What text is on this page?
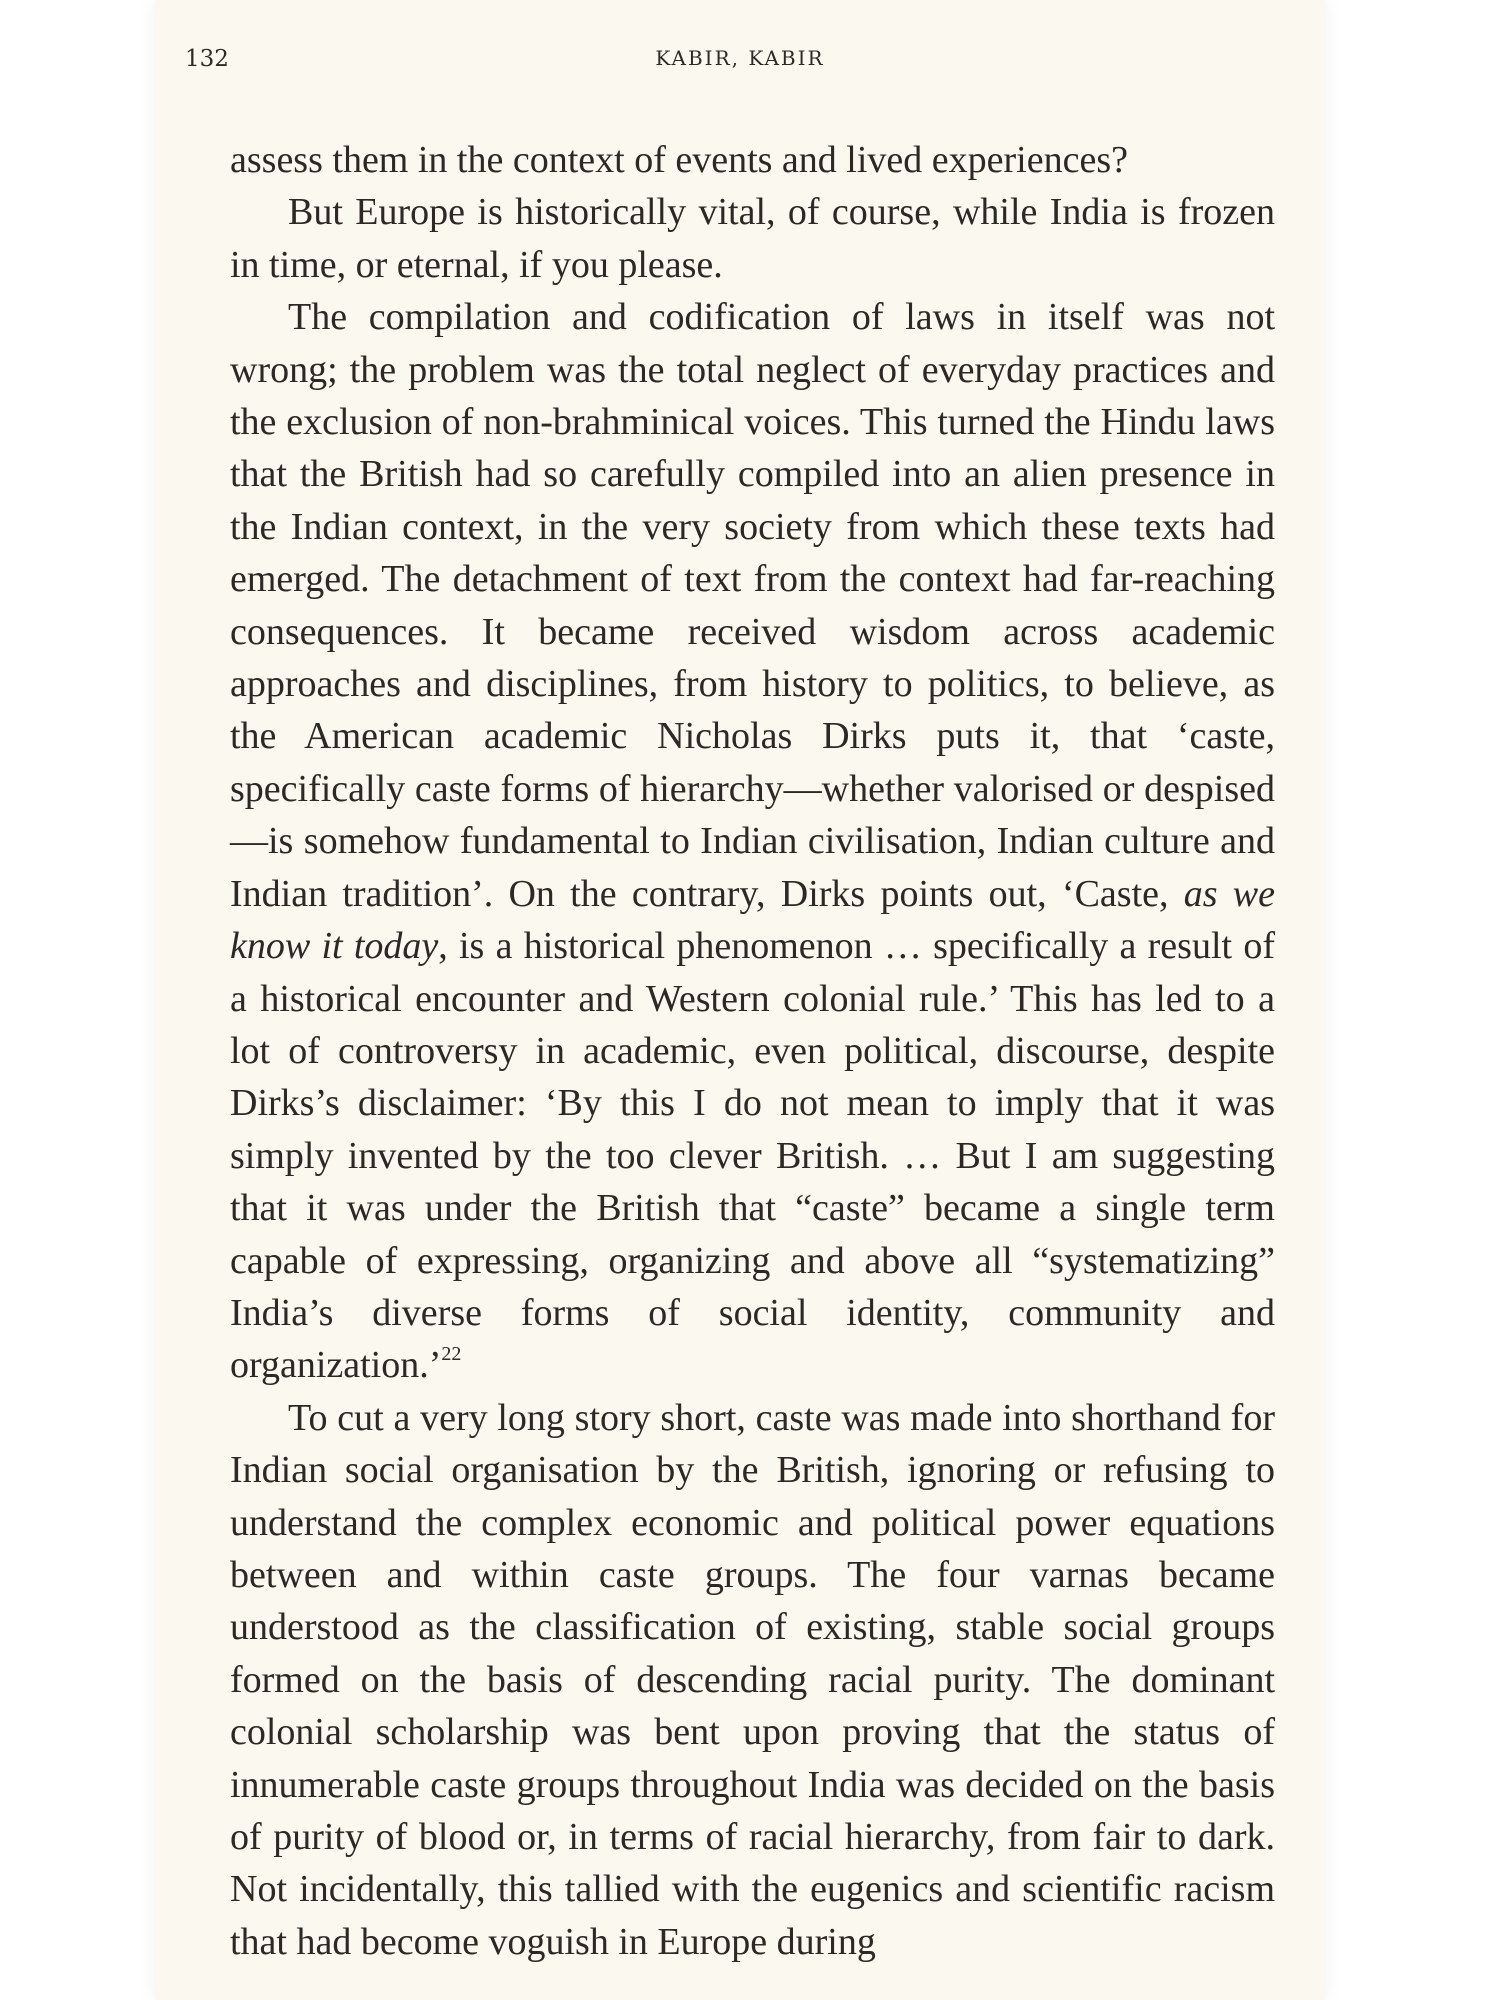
132	KABIR, KABIR

assess them in the context of events and lived experiences?

But Europe is historically vital, of course, while India is frozen in time, or eternal, if you please.

The compilation and codification of laws in itself was not wrong; the problem was the total neglect of everyday practices and the exclusion of non-brahminical voices. This turned the Hindu laws that the British had so carefully compiled into an alien presence in the Indian context, in the very society from which these texts had emerged. The detachment of text from the context had far-reaching consequences. It became received wisdom across academic approaches and disciplines, from history to politics, to believe, as the American academic Nicholas Dirks puts it, that ‘caste, specifically caste forms of hierarchy—whether valorised or despised—is somehow fundamental to Indian civilisation, Indian culture and Indian tradition’. On the contrary, Dirks points out, ‘Caste, as we know it today, is a historical phenomenon … specifically a result of a historical encounter and Western colonial rule.’ This has led to a lot of controversy in academic, even political, discourse, despite Dirks’s disclaimer: ‘By this I do not mean to imply that it was simply invented by the too clever British. … But I am suggesting that it was under the British that “caste” became a single term capable of expressing, organizing and above all “systematizing” India’s diverse forms of social identity, community and organization.’$^{22}$

To cut a very long story short, caste was made into shorthand for Indian social organisation by the British, ignoring or refusing to understand the complex economic and political power equations between and within caste groups. The four varnas became understood as the classification of existing, stable social groups formed on the basis of descending racial purity. The dominant colonial scholarship was bent upon proving that the status of innumerable caste groups throughout India was decided on the basis of purity of blood or, in terms of racial hierarchy, from fair to dark. Not incidentally, this tallied with the eugenics and scientific racism that had become voguish in Europe during
